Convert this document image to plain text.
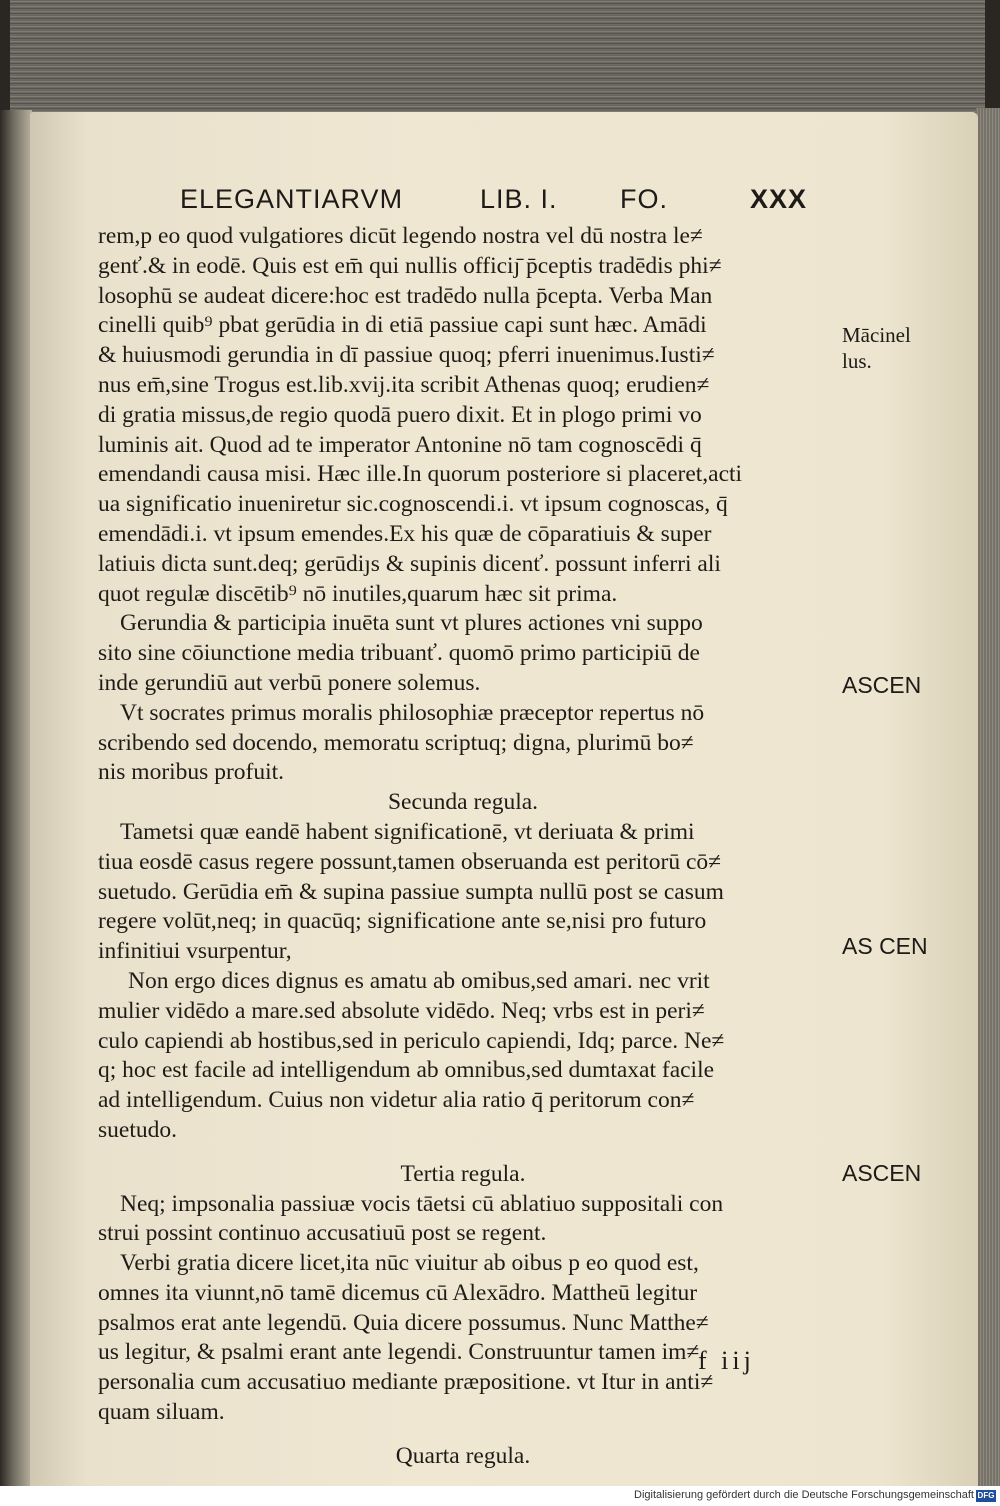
ELEGANTIARVM	LIB. I. FO.	XXX
rem,p eo quod vulgatiores dicūt legendo nostra vel dū nostra le≠
genť.& in eodē. Quis est em̄ qui nullis officiȷ̄ p̄ceptis tradēdis phi≠
losophū se audeat dicere:hoc est tradēdo nulla p̄cepta. Verba Man
cinelli quib⁹ pbat gerūdia in di etiā passiue capi sunt hæc. Amādi
& huiusmodi gerundia in dī passiue quoq; pferri inuenimus.Iusti≠
nus em̄,sine Trogus est.lib.xvij.ita scribit Athenas quoq; erudien≠
di gratia missus,de regio quodā puero dixit. Et in plogo primi vo
luminis ait. Quod ad te imperator Antonine nō tam cognoscēdi q̄
emendandi causa misi. Hæc ille.In quorum posteriore si placeret,acti
ua significatio inueniretur sic.cognoscendi.i. vt ipsum cognoscas, q̄
emendādi.i. vt ipsum emendes.Ex his quæ de cōparatiuis & super
latiuis dicta sunt.deq; gerūdiȷs & supinis dicenť. possunt inferri ali
quot regulæ discētib⁹ nō inutiles,quarum hæc sit prima.
Gerundia & participia inuēta sunt vt plures actiones vni suppo
sito sine cōiunctione media tribuanť. quomō primo participiū de
inde gerundiū aut verbū ponere solemus.
Vt socrates primus moralis philosophiæ præceptor repertus nō
scribendo sed docendo, memoratu scriptuq; digna, plurimū bo≠
nis moribus profuit.
Secunda regula.
Tametsi quæ eandē habent significationē, vt deriuata & primi
tiua eosdē casus regere possunt,tamen obseruanda est peritorū cō≠
suetudo. Gerūdia em̄ & supina passiue sumpta nullū post se casum
regere volūt,neq; in quacūq; significatione ante se,nisi pro futuro
infinitiui vsurpentur,
Non ergo dices dignus es amatu ab omibus,sed amari. nec vrit
mulier vidēdo a mare.sed absolute vidēdo. Neq; vrbs est in peri≠
culo capiendi ab hostibus,sed in periculo capiendi, Idq; parce. Ne≠
q; hoc est facile ad intelligendum ab omnibus,sed dumtaxat facile
ad intelligendum. Cuius non videtur alia ratio q̄ peritorum con≠
suetudo.
Tertia regula.
Neq; impsonalia passiuæ vocis tāetsi cū ablatiuo suppositali con
strui possint continuo accusatiuū post se regent.
Verbi gratia dicere licet,ita nūc viuitur ab oibus p eo quod est,
omnes ita viunnt,nō tamē dicemus cū Alexādro. Mattheū legitur
psalmos erat ante legendū. Quia dicere possumus. Nunc Matthe≠
us legitur, & psalmi erant ante legendi. Construuntur tamen im≠
personalia cum accusatiuo mediante præpositione. vt Itur in anti≠
quam siluam.
Quarta regula.
Mācinel
lus.
ASCEN
AS CEN
ASCEN
f iij
Digitalisierung gefördert durch die Deutsche Forschungsgemeinschaft DFG
